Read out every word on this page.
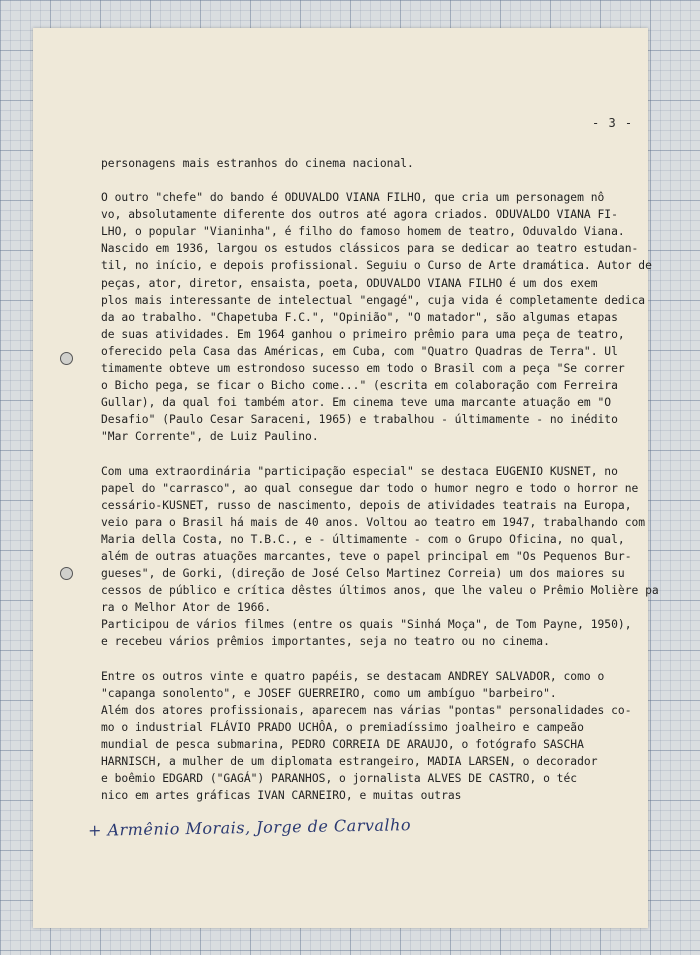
- 3 -

personagens mais estranhos do cinema nacional.

O outro "chefe" do bando é ODUVALDO VIANA FILHO, que cria um personagem nô
vo, absolutamente diferente dos outros até agora criados. ODUVALDO VIANA FI-
LHO, o popular "Vianinha", é filho do famoso homem de teatro, Oduvaldo Viana.
Nascido em 1936, largou os estudos clássicos para se dedicar ao teatro estudan-
til, no início, e depois profissional. Seguiu o Curso de Arte dramática. Autor de
peças, ator, diretor, ensaista, poeta, ODUVALDO VIANA FILHO é um dos exem
plos mais interessante de intelectual "engagé", cuja vida é completamente dedica
da ao trabalho. "Chapetuba F.C.", "Opinião", "O matador", são algumas etapas
de suas atividades. Em 1964 ganhou o primeiro prêmio para uma peça de teatro,
oferecido pela Casa das Américas, em Cuba, com "Quatro Quadras de Terra". Ul
timamente obteve um estrondoso sucesso em todo o Brasil com a peça "Se correr
o Bicho pega, se ficar o Bicho come..." (escrita em colaboração com Ferreira
Gullar), da qual foi também ator. Em cinema teve uma marcante atuação em "O
Desafio" (Paulo Cesar Saraceni, 1965) e trabalhou - últimamente - no inédito
"Mar Corrente", de Luiz Paulino.

Com uma extraordinária "participação especial" se destaca EUGENIO KUSNET, no
papel do "carrasco", ao qual consegue dar todo o humor negro e todo o horror ne
cessário-KUSNET, russo de nascimento, depois de atividades teatrais na Europa,
veio para o Brasil há mais de 40 anos. Voltou ao teatro em 1947, trabalhando com
Maria della Costa, no T.B.C., e - últimamente - com o Grupo Oficina, no qual,
além de outras atuações marcantes, teve o papel principal em "Os Pequenos Bur-
gueses", de Gorki, (direção de José Celso Martinez Correia) um dos maiores su
cessos de público e crítica dêstes últimos anos, que lhe valeu o Prêmio Molière pa
ra o Melhor Ator de 1966.
Participou de vários filmes (entre os quais "Sinhá Moça", de Tom Payne, 1950),
e recebeu vários prêmios importantes, seja no teatro ou no cinema.

Entre os outros vinte e quatro papéis, se destacam ANDREY SALVADOR, como o
"capanga sonolento", e JOSEF GUERREIRO, como um ambíguo "barbeiro".
Além dos atores profissionais, aparecem nas várias "pontas" personalidades co-
mo o industrial FLÁVIO PRADO UCHÔA, o premiadíssimo joalheiro e campeão
mundial de pesca submarina, PEDRO CORREIA DE ARAUJO, o fotógrafo SASCHA
HARNISCH, a mulher de um diplomata estrangeiro, MADIA LARSEN, o decorador
e boêmio EDGARD ("GAGÁ") PARANHOS, o jornalista ALVES DE CASTRO, o téc
nico em artes gráficas IVAN CARNEIRO, e muitas outras

+ Armênio Morais, Jorge de Carvalho
